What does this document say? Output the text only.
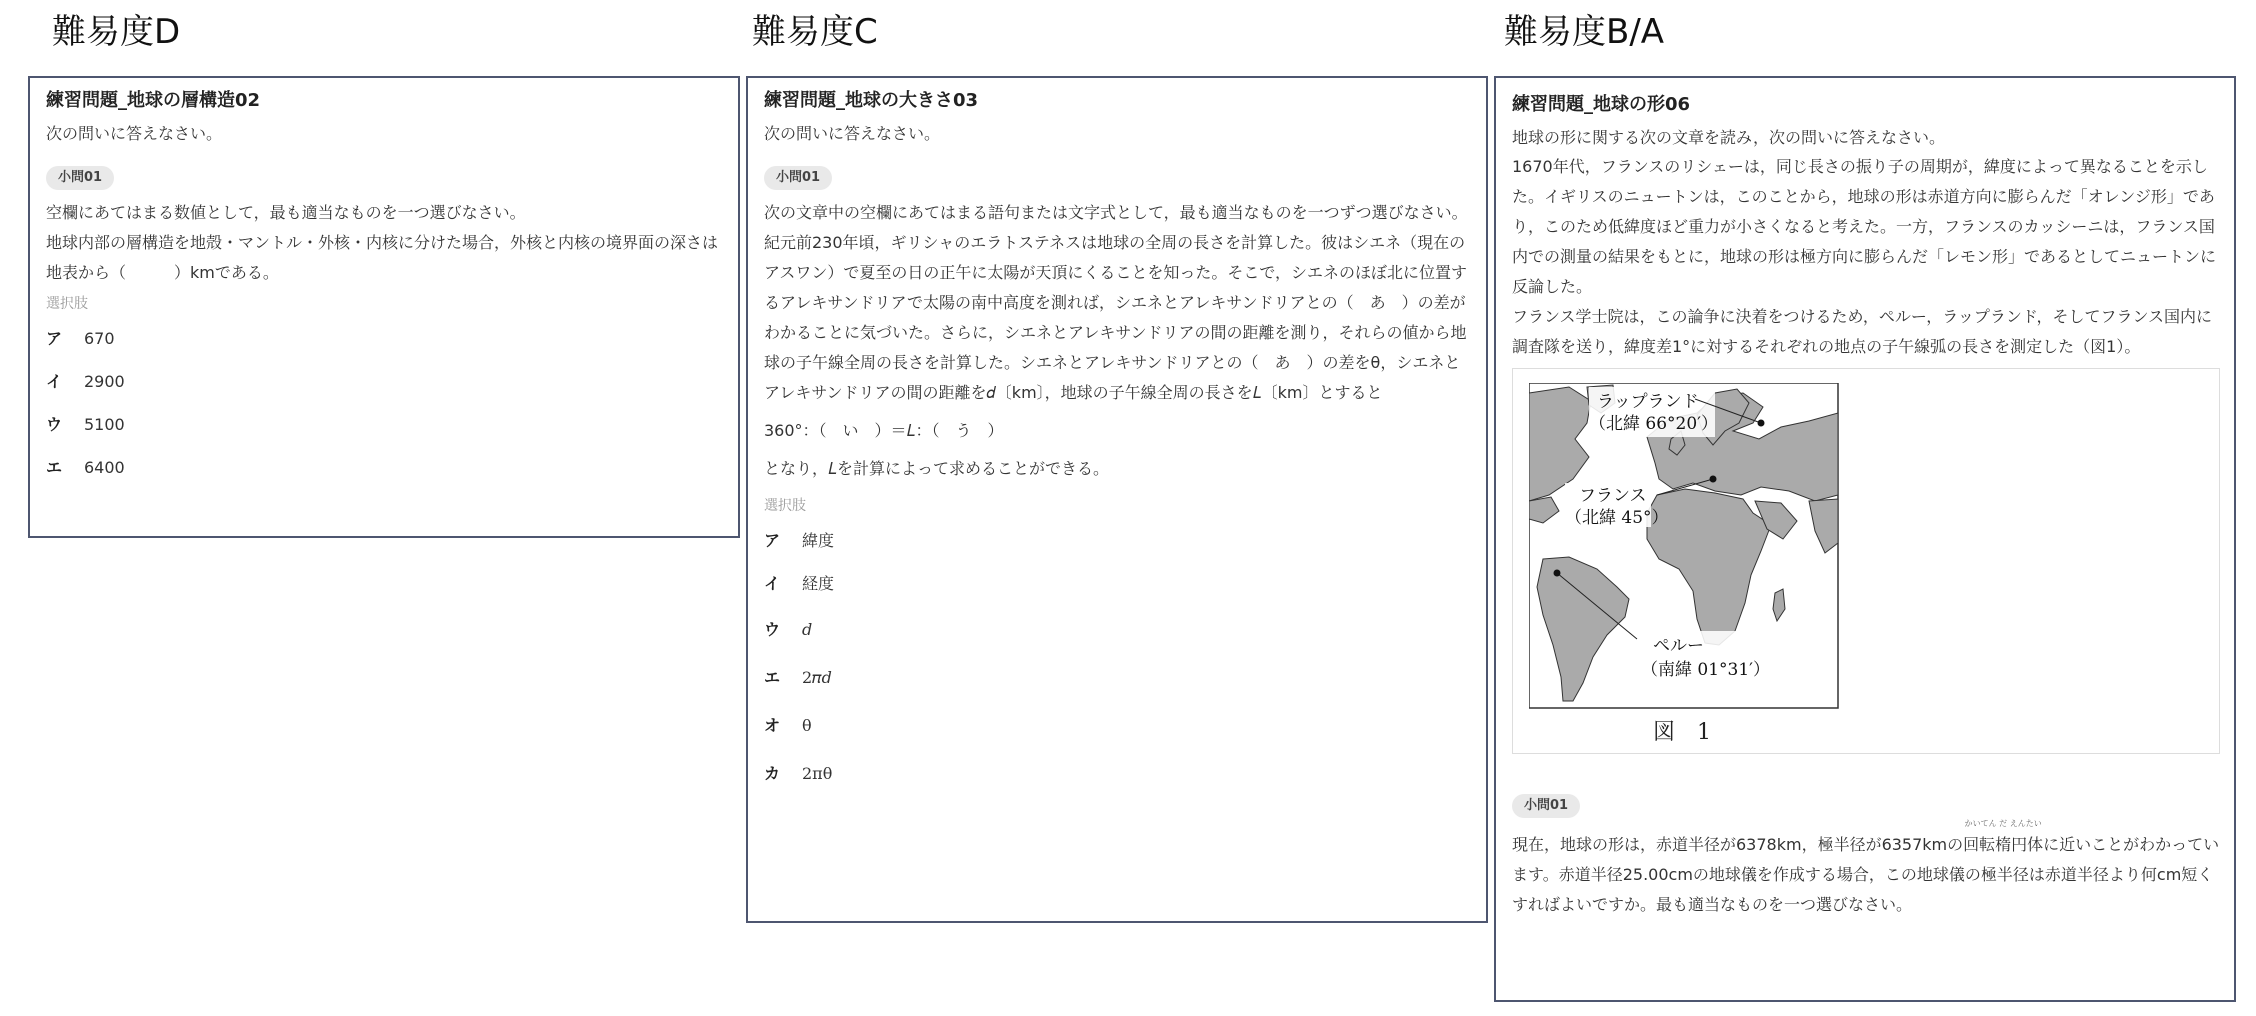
難易度D	難易度C	難易度B/A
練習問題_地球の層構造02
次の問いに答えなさい。
小問01

空欄にあてはまる数値として，最も適当なものを一つ選びなさい。

地球内部の層構造を地殻・マントル・外核・内核に分けた場合，外核と内核の境界面の深さは地表から（　　　）kmである。

選択肢
ア	670
イ	2900
ウ	5100
エ	6400
練習問題_地球の大きさ03
次の問いに答えなさい。
小問01

次の文章中の空欄にあてはまる語句または文字式として，最も適当なものを一つずつ選びなさい。

紀元前230年頃，ギリシャのエラトステネスは地球の全周の長さを計算した。彼はシエネ（現在のアスワン）で夏至の日の正午に太陽が天頂にくることを知った。そこで，シエネのほぼ北に位置するアレキサンドリアで太陽の南中高度を測れば，シエネとアレキサンドリアとの（　あ　）の差がわかることに気づいた。さらに，シエネとアレキサンドリアの間の距離を測り，それらの値から地球の子午線全周の長さを計算した。シエネとアレキサンドリアとの（　あ　）の差をθ，シエネとアレキサンドリアの間の距離を𝑑〔km〕，地球の子午線全周の長さを𝐿〔km〕とすると

360°：（　い　）＝𝐿：（　う　）

となり，𝐿を計算によって求めることができる。

選択肢
ア	緯度
イ	経度
ウ	𝑑
エ	2𝜋𝑑
オ	θ
カ	2πθ
練習問題_地球の形06
地球の形に関する次の文章を読み，次の問いに答えなさい。

1670年代，フランスのリシェーは，同じ長さの振り子の周期が，緯度によって異なることを示した。イギリスのニュートンは，このことから，地球の形は赤道方向に膨らんだ「オレンジ形」であり，このため低緯度ほど重力が小さくなると考えた。一方，フランスのカッシーニは，フランス国内での測量の結果をもとに，地球の形は極方向に膨らんだ「レモン形」であるとしてニュートンに反論した。

フランス学士院は，この論争に決着をつけるため，ペルー，ラップランド，そしてフランス国内に調査隊を送り，緯度差1°に対するそれぞれの地点の子午線弧の長さを測定した（図1）。

ラップランド
（北緯 66°20′）
フランス
（北緯 45°）
ペルー
（南緯 01°31′）
図　1
小問01

現在，地球の形は，赤道半径が6378km，極半径が6357kmの
かいてん だ えんたい
回転楕円体に近いことがわかっています。赤道半径25.00cmの地球儀を作成する場合，この地球儀の極半径は赤道半径より何cm短くすればよいですか。最も適当なものを一つ選びなさい。
